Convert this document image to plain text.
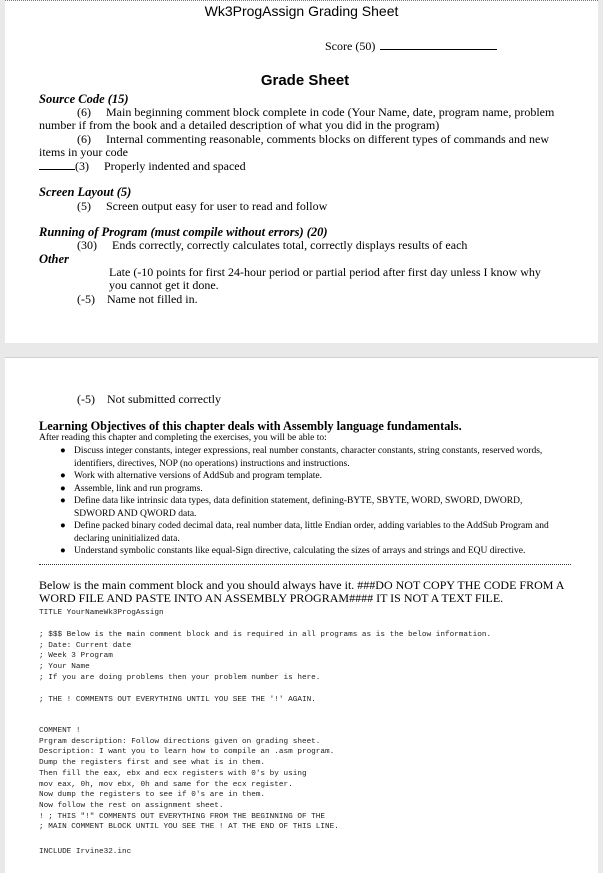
Wk3ProgAssign Grading Sheet
Score (50)
Grade Sheet
Source Code (15)
(6) Main beginning comment block complete in code (Your Name, date, program name, problem number if from the book and a detailed description of what you did in the program)
(6) Internal commenting reasonable, comments blocks on different types of commands and new items in your code
(3) Properly indented and spaced
Screen Layout (5)
(5) Screen output easy for user to read and follow
Running of Program (must compile without errors) (20)
(30) Ends correctly, correctly calculates total, correctly displays results of each
Other
Late (-10 points for first 24-hour period or partial period after first day unless I know why you cannot get it done.
(-5) Name not filled in.
(-5) Not submitted correctly
Learning Objectives of this chapter deals with Assembly language fundamentals.
After reading this chapter and completing the exercises, you will be able to:
● Discuss integer constants, integer expressions, real number constants, character constants, string constants, reserved words, identifiers, directives, NOP (no operations) instructions and instructions.
● Work with alternative versions of AddSub and program template.
● Assemble, link and run programs.
● Define data like intrinsic data types, data definition statement, defining-BYTE, SBYTE, WORD, SWORD, DWORD, SDWORD AND QWORD data.
● Define packed binary coded decimal data, real number data, little Endian order, adding variables to the AddSub Program and declaring uninitialized data.
● Understand symbolic constants like equal-Sign directive, calculating the sizes of arrays and strings and EQU directive.
Below is the main comment block and you should always have it. ###DO NOT COPY THE CODE FROM A
WORD FILE AND PASTE INTO AN ASSEMBLY PROGRAM#### IT IS NOT A TEXT FILE.
TITLE YourNameWk3ProgAssign
; $$$ Below is the main comment block and is required in all programs as is the below information.
; Date: Current date
; Week 3 Program
; Your Name
; If you are doing problems then your problem number is here.
; THE ! COMMENTS OUT EVERYTHING UNTIL YOU SEE THE '!' AGAIN.
COMMENT !
Prgram description: Follow directions given on grading sheet.
Description: I want you to learn how to compile an .asm program.
Dump the registers first and see what is in them.
Then fill the eax, ebx and ecx registers with 0's by using
mov eax, 0h, mov ebx, 0h and same for the ecx register.
Now dump the registers to see if 0's are in them.
Now follow the rest on assignment sheet.
! ; THIS "!" COMMENTS OUT EVERYTHING FROM THE BEGINNING OF THE
; MAIN COMMENT BLOCK UNTIL YOU SEE THE ! AT THE END OF THIS LINE.
INCLUDE Irvine32.inc
